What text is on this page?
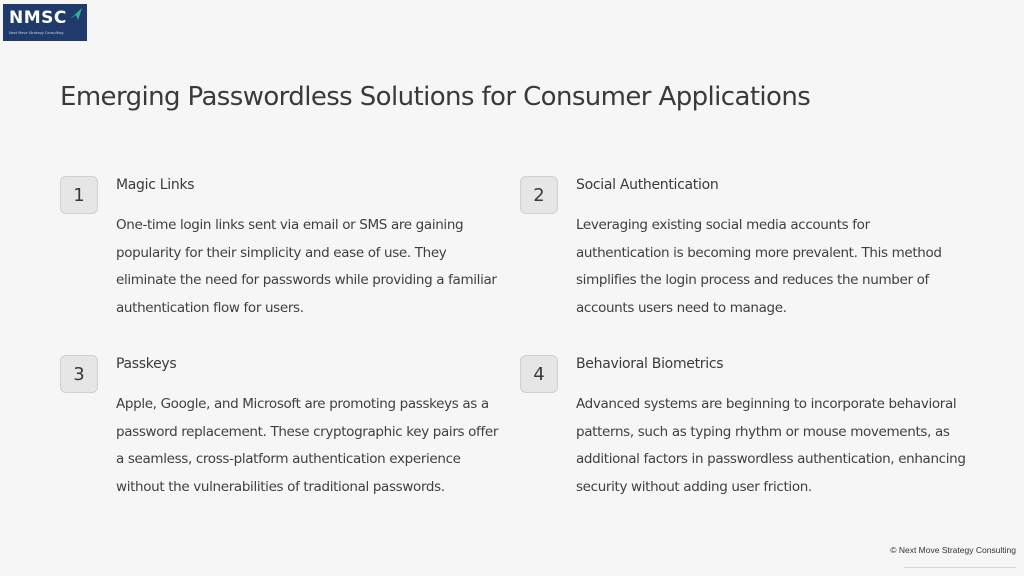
NMSC
Next Move Strategy Consulting
Emerging Passwordless Solutions for Consumer Applications
1	Magic Links
One-time login links sent via email or SMS are gaining popularity for their simplicity and ease of use. They eliminate the need for passwords while providing a familiar authentication flow for users.
2	Social Authentication
Leveraging existing social media accounts for authentication is becoming more prevalent. This method simplifies the login process and reduces the number of accounts users need to manage.
3	Passkeys
Apple, Google, and Microsoft are promoting passkeys as a password replacement. These cryptographic key pairs offer a seamless, cross-platform authentication experience without the vulnerabilities of traditional passwords.
4	Behavioral Biometrics
Advanced systems are beginning to incorporate behavioral patterns, such as typing rhythm or mouse movements, as additional factors in passwordless authentication, enhancing security without adding user friction.
© Next Move Strategy Consulting
